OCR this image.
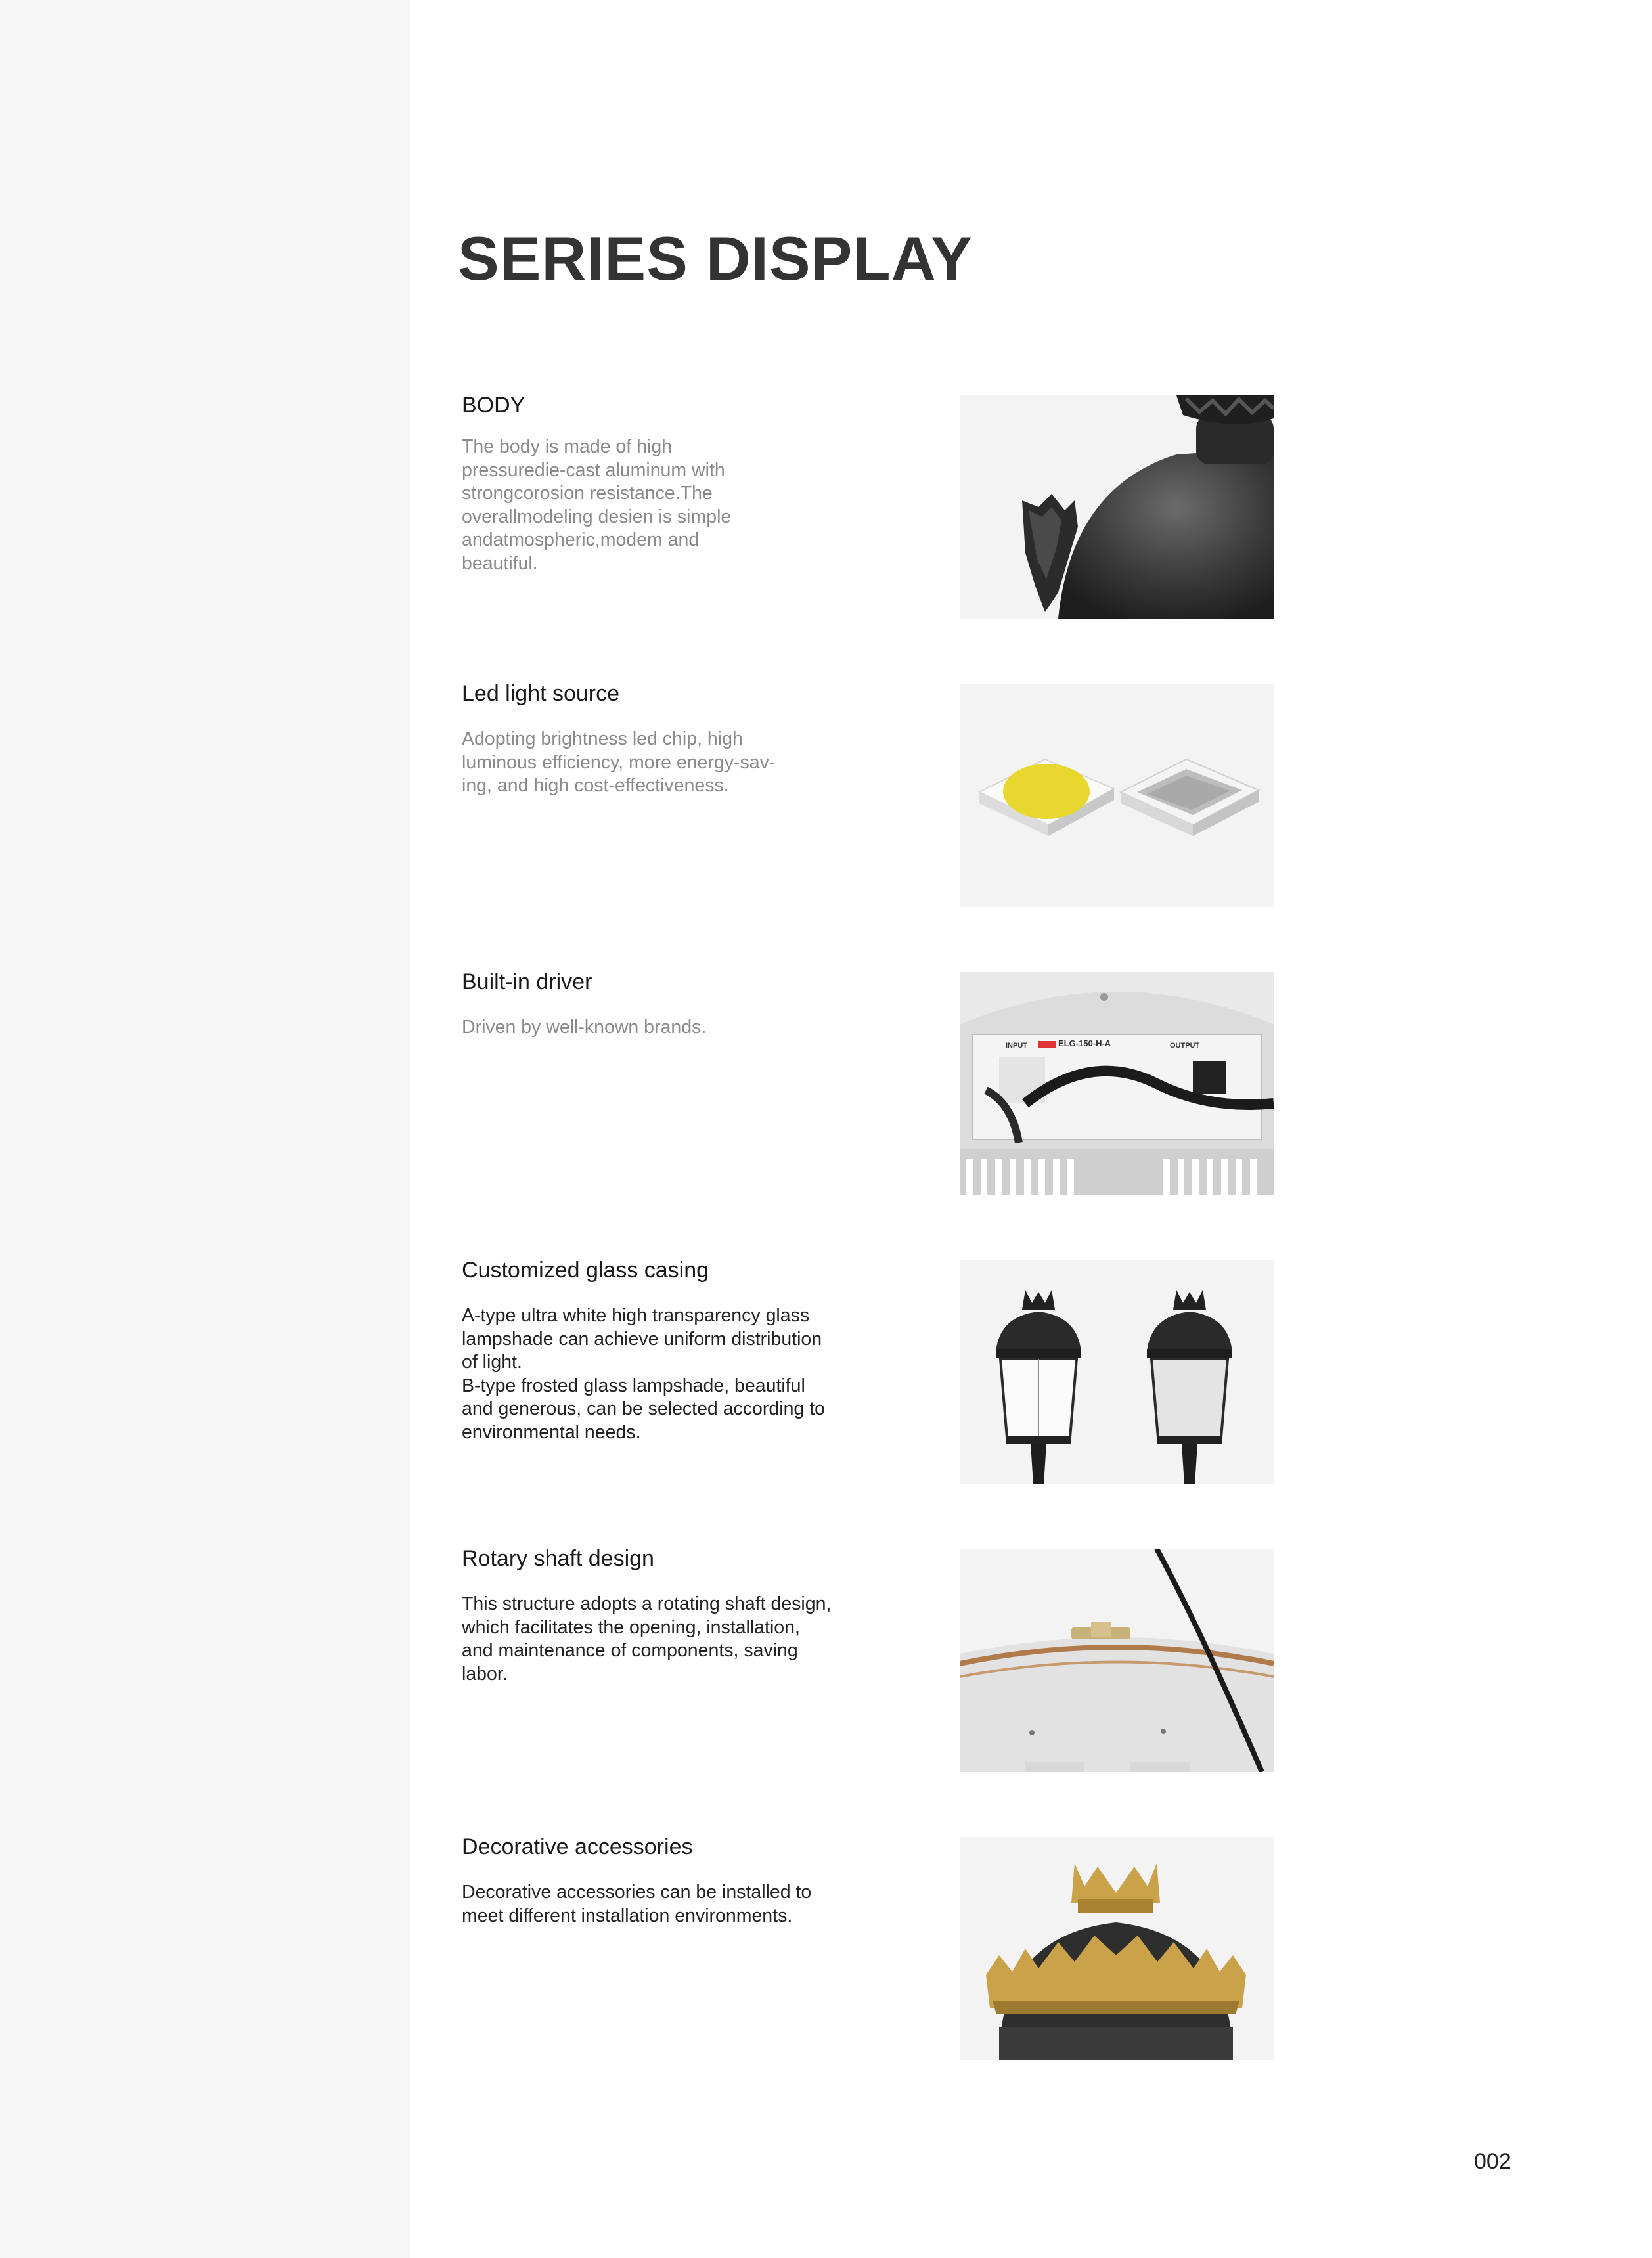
SERIES DISPLAY
BODY

The body is made of high
pressuredie-cast aluminum with
strongcorosion resistance.The
overallmodeling desien is simple
andatmospheric,modem and
beautiful.

Led light source

Adopting brightness led chip, high
luminous efficiency, more energy-sav-
ing, and high cost-effectiveness.

Built-in driver

Driven by well-known brands.

INPUT	ELG-150-H-A	OUTPUT
Customized glass casing

A-type ultra white high transparency glass
lampshade can achieve uniform distribution
of light.
B-type frosted glass lampshade, beautiful
and generous, can be selected according to
environmental needs.

Rotary shaft design

This structure adopts a rotating shaft design,
which facilitates the opening, installation,
and maintenance of components, saving
labor.

Decorative accessories

Decorative accessories can be installed to
meet different installation environments.

002
